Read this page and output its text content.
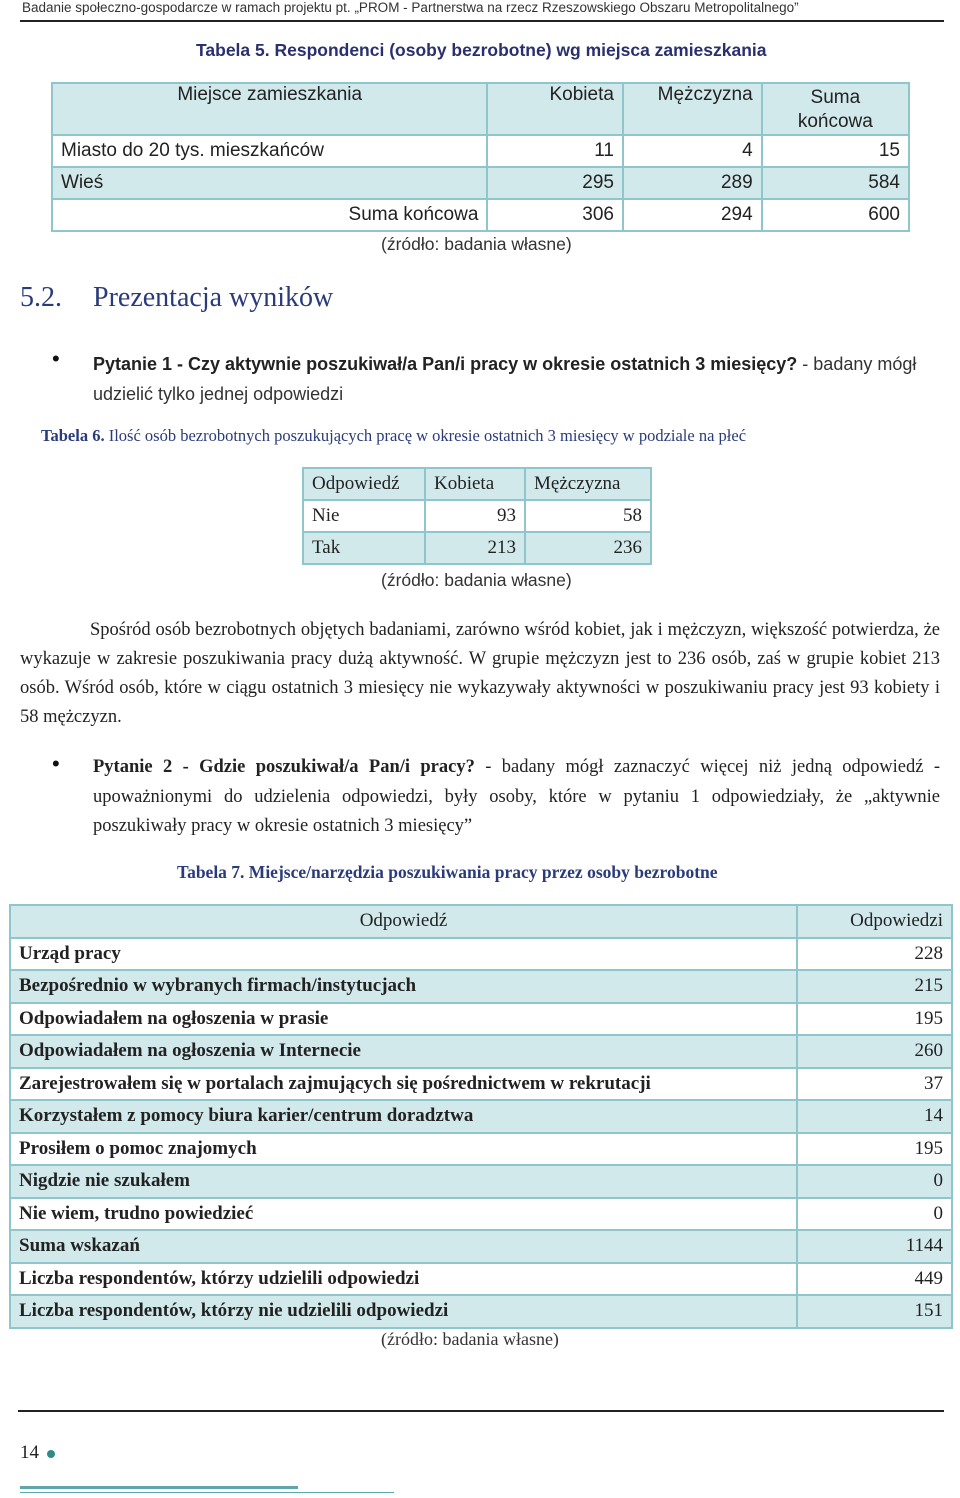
Badanie społeczno-gospodarcze w ramach projektu pt. „PROM - Partnerstwa na rzecz Rzeszowskiego Obszaru Metropolitalnego”
Tabela 5. Respondenci (osoby bezrobotne) wg miejsca zamieszkania
Miejsce zamieszkania	Kobieta	Mężczyzna	Suma końcowa
Miasto do 20 tys. mieszkańców	11	4	15
Wieś	295	289	584
Suma końcowa	306	294	600
(źródło: badania własne)
5.2. Prezentacja wyników
• Pytanie 1 - Czy aktywnie poszukiwał/a Pan/i pracy w okresie ostatnich 3 miesięcy? - badany mógł udzielić tylko jednej odpowiedzi
Tabela 6. Ilość osób bezrobotnych poszukujących pracę w okresie ostatnich 3 miesięcy w podziale na płeć
Odpowiedź	Kobieta	Mężczyzna
Nie	93	58
Tak	213	236
(źródło: badania własne)
Spośród osób bezrobotnych objętych badaniami, zarówno wśród kobiet, jak i mężczyzn, większość potwierdza, że wykazuje w zakresie poszukiwania pracy dużą aktywność. W grupie mężczyzn jest to 236 osób, zaś w grupie kobiet 213 osób. Wśród osób, które w ciągu ostatnich 3 miesięcy nie wykazywały aktywności w poszukiwaniu pracy jest 93 kobiety i 58 mężczyzn.
• Pytanie 2 - Gdzie poszukiwał/a Pan/i pracy? - badany mógł zaznaczyć więcej niż jedną odpowiedź - upoważnionymi do udzielenia odpowiedzi, były osoby, które w pytaniu 1 odpowiedziały, że „aktywnie poszukiwały pracy w okresie ostatnich 3 miesięcy”
Tabela 7. Miejsce/narzędzia poszukiwania pracy przez osoby bezrobotne
Odpowiedź	Odpowiedzi
Urząd pracy	228
Bezpośrednio w wybranych firmach/instytucjach	215
Odpowiadałem na ogłoszenia w prasie	195
Odpowiadałem na ogłoszenia w Internecie	260
Zarejestrowałem się w portalach zajmujących się pośrednictwem w rekrutacji	37
Korzystałem z pomocy biura karier/centrum doradztwa	14
Prosiłem o pomoc znajomych	195
Nigdzie nie szukałem	0
Nie wiem, trudno powiedzieć	0
Suma wskazań	1144
Liczba respondentów, którzy udzielili odpowiedzi	449
Liczba respondentów, którzy nie udzielili odpowiedzi	151
(źródło: badania własne)
14
